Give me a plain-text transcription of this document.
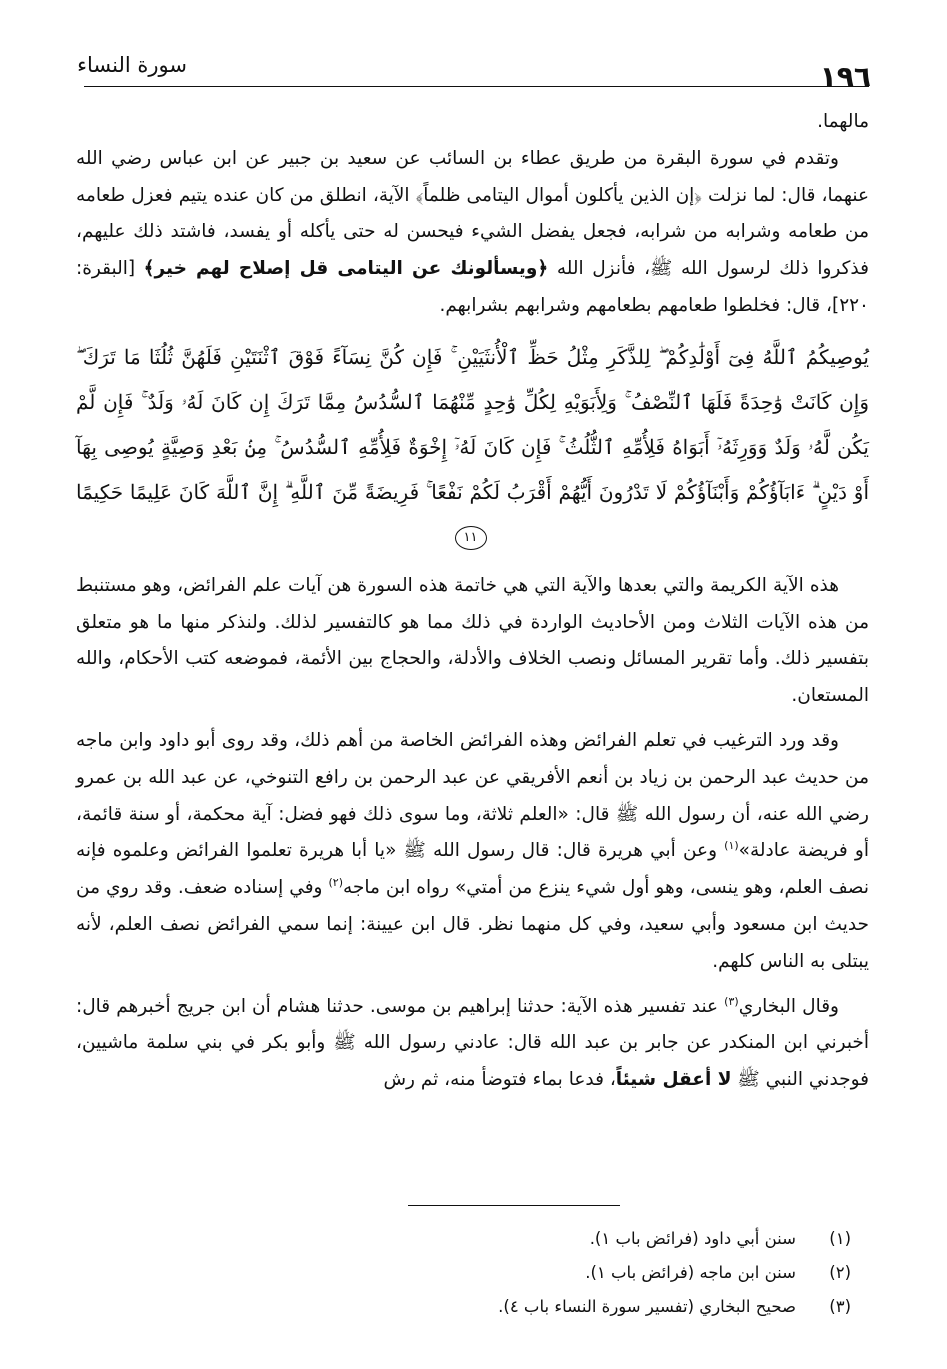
سورة النساء	١٩٦

مالهما.

وتقدم في سورة البقرة من طريق عطاء بن السائب عن سعيد بن جبير عن ابن عباس رضي الله عنهما، قال: لما نزلت ﴿إن الذين يأكلون أموال اليتامى ظلماً﴾ الآية، انطلق من كان عنده يتيم فعزل طعامه من طعامه وشرابه من شرابه، فجعل يفضل الشيء فيحسن له حتى يأكله أو يفسد، فاشتد ذلك عليهم، فذكروا ذلك لرسول الله ﷺ، فأنزل الله ﴿ويسألونك عن اليتامى قل إصلاح لهم خير﴾ [البقرة: ٢٢٠]، قال: فخلطوا طعامهم بطعامهم وشرابهم بشرابهم.

يُوصِيكُمُ ٱللَّهُ فِىٓ أَوْلَٰدِكُمْ ۖ لِلذَّكَرِ مِثْلُ حَظِّ ٱلْأُنثَيَيْنِ ۚ فَإِن كُنَّ نِسَآءً فَوْقَ ٱثْنَتَيْنِ فَلَهُنَّ ثُلُثَا مَا تَرَكَ ۖ وَإِن كَانَتْ وَٰحِدَةً فَلَهَا ٱلنِّصْفُ ۚ وَلِأَبَوَيْهِ لِكُلِّ وَٰحِدٍ مِّنْهُمَا ٱلسُّدُسُ مِمَّا تَرَكَ إِن كَانَ لَهُۥ وَلَدٌ ۚ فَإِن لَّمْ يَكُن لَّهُۥ وَلَدٌ وَوَرِثَهُۥٓ أَبَوَاهُ فَلِأُمِّهِ ٱلثُّلُثُ ۚ فَإِن كَانَ لَهُۥٓ إِخْوَةٌ فَلِأُمِّهِ ٱلسُّدُسُ ۚ مِنۢ بَعْدِ وَصِيَّةٍ يُوصِى بِهَآ أَوْ دَيْنٍ ۗ ءَابَآؤُكُمْ وَأَبْنَآؤُكُمْ لَا تَدْرُونَ أَيُّهُمْ أَقْرَبُ لَكُمْ نَفْعًا ۚ فَرِيضَةً مِّنَ ٱللَّهِ ۗ إِنَّ ٱللَّهَ كَانَ عَلِيمًا حَكِيمًا ١١

هذه الآية الكريمة والتي بعدها والآية التي هي خاتمة هذه السورة هن آيات علم الفرائض، وهو مستنبط من هذه الآيات الثلاث ومن الأحاديث الواردة في ذلك مما هو كالتفسير لذلك. ولنذكر منها ما هو متعلق بتفسير ذلك. وأما تقرير المسائل ونصب الخلاف والأدلة، والحجاج بين الأئمة، فموضعه كتب الأحكام، والله المستعان.

وقد ورد الترغيب في تعلم الفرائض وهذه الفرائض الخاصة من أهم ذلك، وقد روى أبو داود وابن ماجه من حديث عبد الرحمن بن زياد بن أنعم الأفريقي عن عبد الرحمن بن رافع التنوخي، عن عبد الله بن عمرو رضي الله عنه، أن رسول الله ﷺ قال: «العلم ثلاثة، وما سوى ذلك فهو فضل: آية محكمة، أو سنة قائمة، أو فريضة عادلة»$^{(١)}$ وعن أبي هريرة قال: قال رسول الله ﷺ «يا أبا هريرة تعلموا الفرائض وعلموه فإنه نصف العلم، وهو ينسى، وهو أول شيء ينزع من أمتي» رواه ابن ماجه$^{(٢)}$ وفي إسناده ضعف. وقد روي من حديث ابن مسعود وأبي سعيد، وفي كل منهما نظر. قال ابن عيينة: إنما سمي الفرائض نصف العلم، لأنه يبتلى به الناس كلهم.

وقال البخاري$^{(٣)}$ عند تفسير هذه الآية: حدثنا إبراهيم بن موسى. حدثنا هشام أن ابن جريج أخبرهم قال: أخبرني ابن المنكدر عن جابر بن عبد الله قال: عادني رسول الله ﷺ وأبو بكر في بني سلمة ماشيين، فوجدني النبي ﷺ لا أعقل شيئاً، فدعا بماء فتوضأ منه، ثم رش

(١)
سنن أبي داود (فرائض باب ١).
(٢)
سنن ابن ماجه (فرائض باب ١).
(٣)
صحيح البخاري (تفسير سورة النساء باب ٤).
